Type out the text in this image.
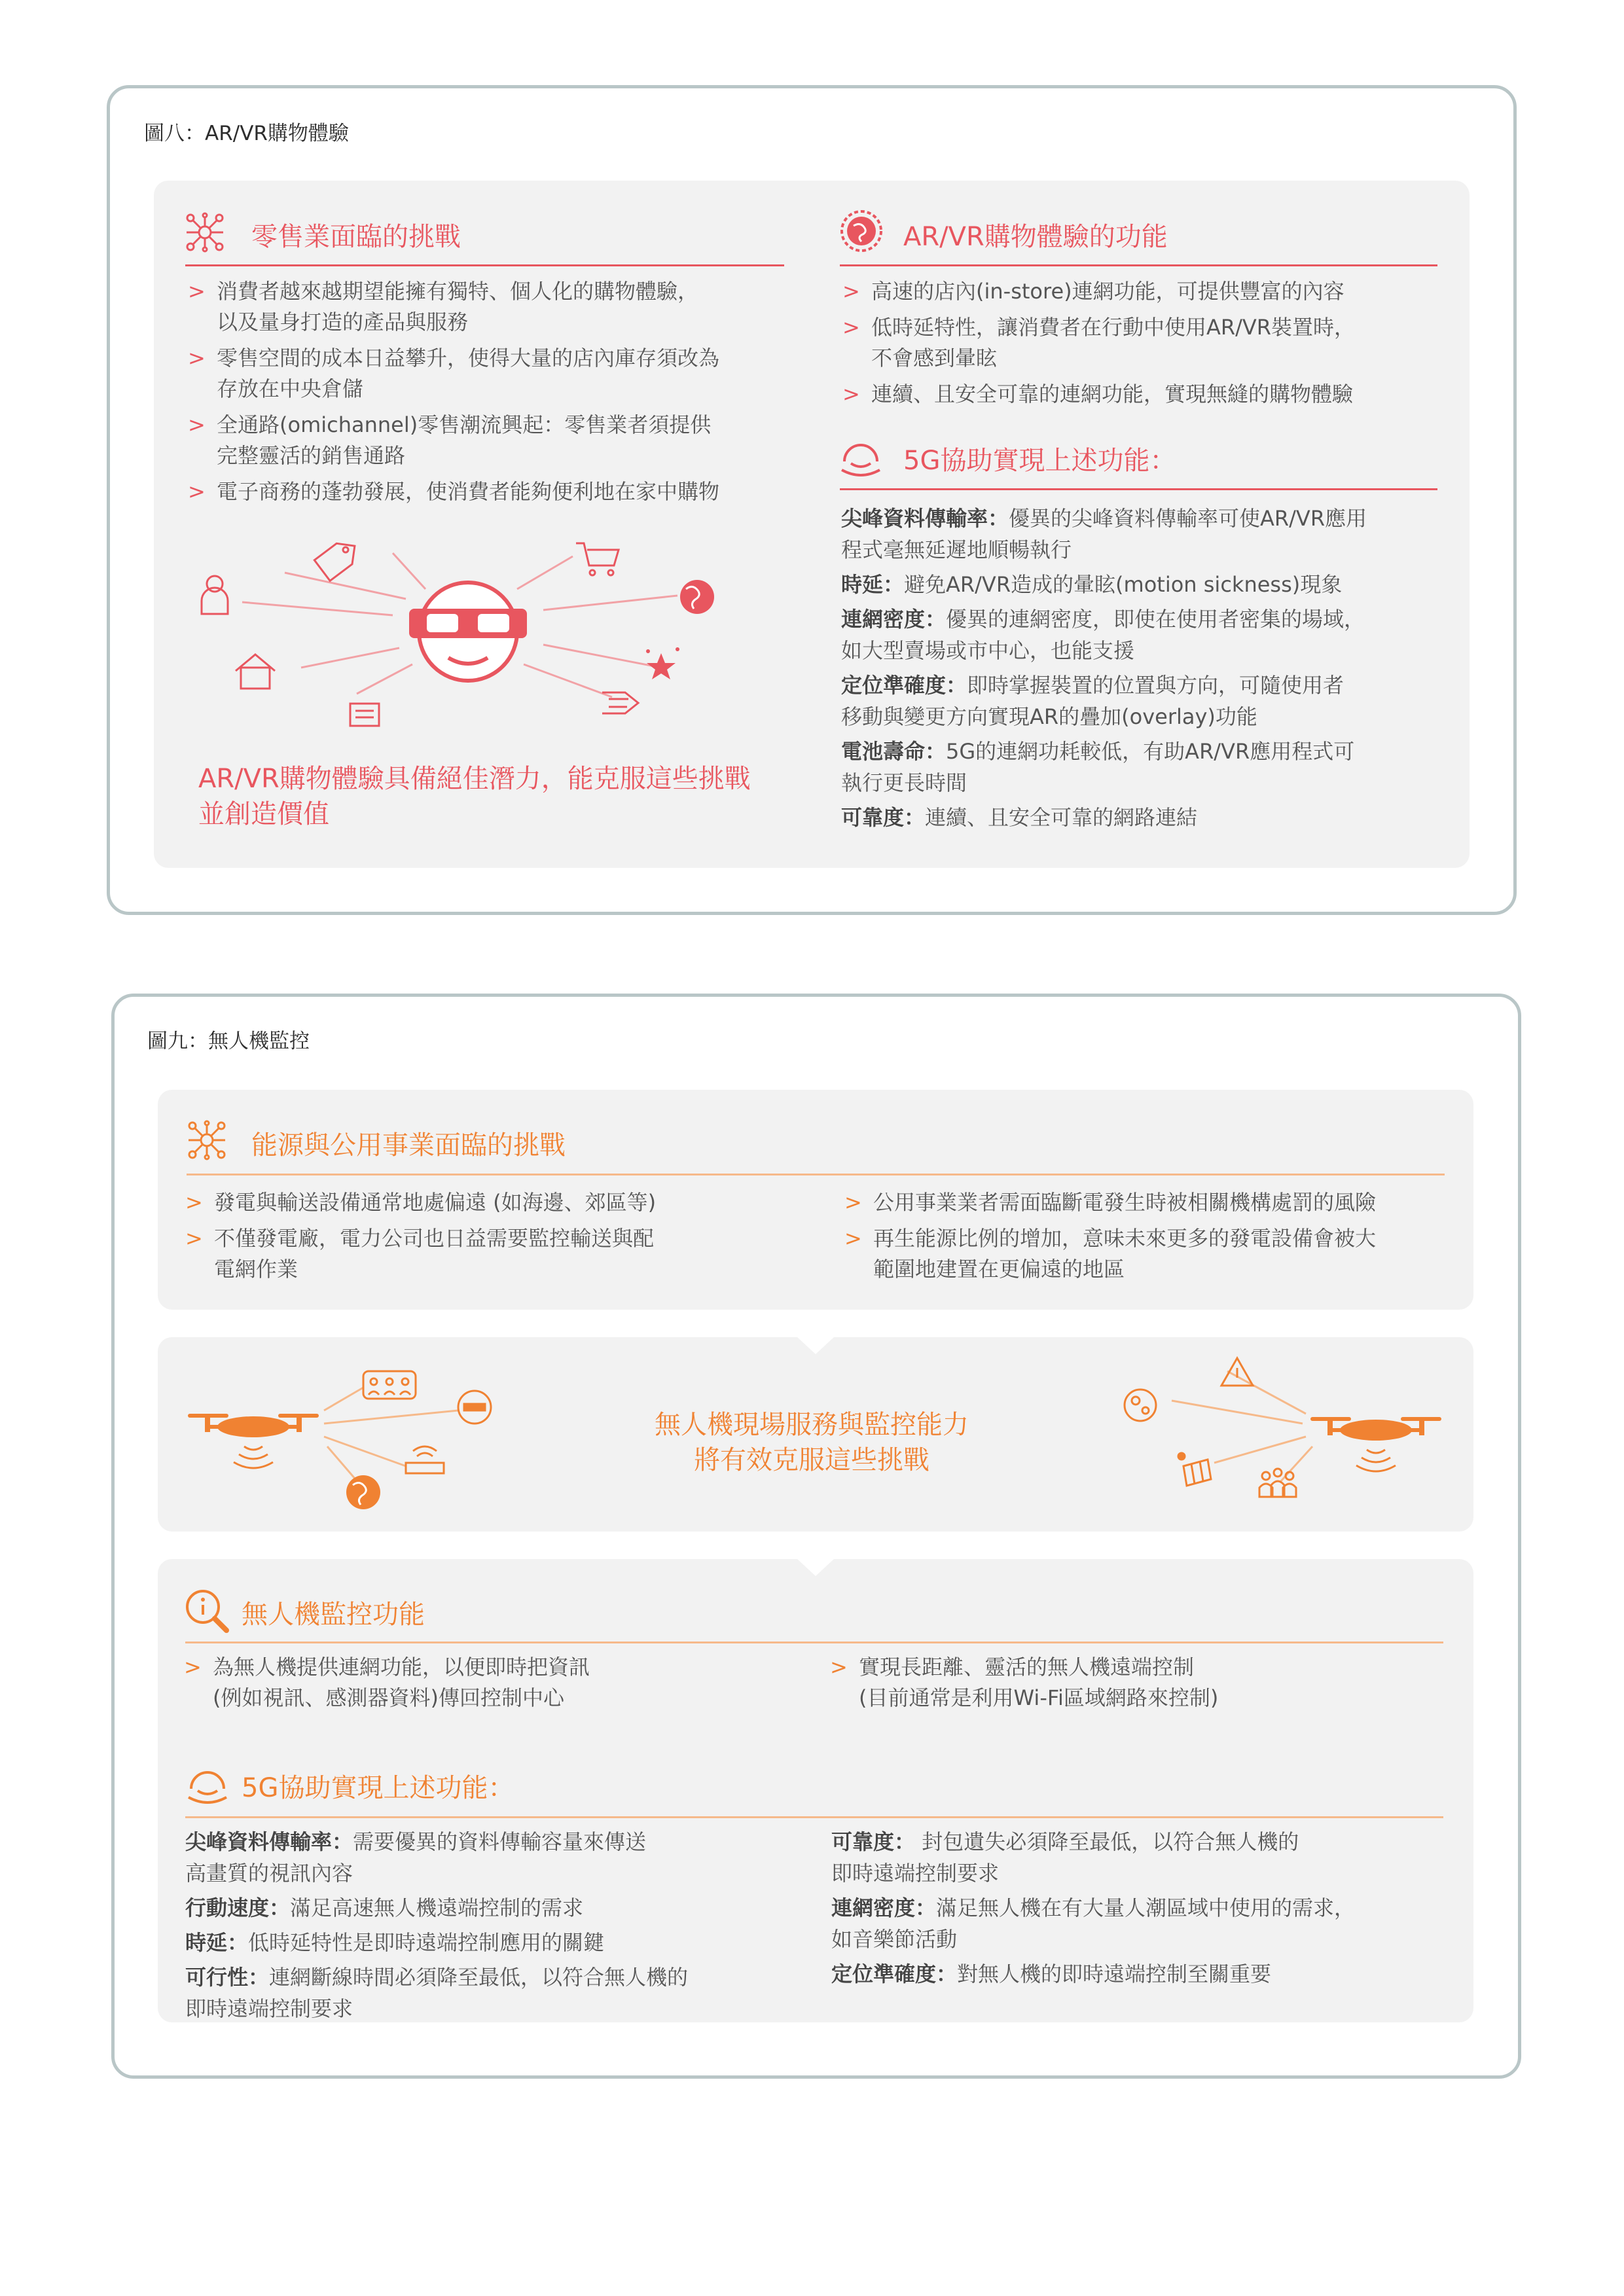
圖八：AR/VR購物體驗
零售業面臨的挑戰
> 消費者越來越期望能擁有獨特、個人化的購物體驗，
以及量身打造的產品與服務
> 零售空間的成本日益攀升，使得大量的店內庫存須改為
存放在中央倉儲
> 全通路(omichannel)零售潮流興起：零售業者須提供
完整靈活的銷售通路
> 電子商務的蓬勃發展，使消費者能夠便利地在家中購物
AR/VR購物體驗具備絕佳潛力，能克服這些挑戰
並創造價值
AR/VR購物體驗的功能
> 高速的店內(in-store)連網功能，可提供豐富的內容
> 低時延特性，讓消費者在行動中使用AR/VR裝置時，
不會感到暈眩
> 連續、且安全可靠的連網功能，實現無縫的購物體驗
5G協助實現上述功能：

尖峰資料傳輸率：優異的尖峰資料傳輸率可使AR/VR應用
程式毫無延遲地順暢執行

時延：避免AR/VR造成的暈眩(motion sickness)現象

連網密度：優異的連網密度，即使在使用者密集的場域，
如大型賣場或市中心，也能支援

定位準確度：即時掌握裝置的位置與方向，可隨使用者
移動與變更方向實現AR的疊加(overlay)功能

電池壽命：5G的連網功耗較低，有助AR/VR應用程式可
執行更長時間

可靠度：連續、且安全可靠的網路連結

圖九：無人機監控
能源與公用事業面臨的挑戰
> 發電與輸送設備通常地處偏遠 (如海邊、郊區等)
> 不僅發電廠，電力公司也日益需要監控輸送與配
電網作業
> 公用事業業者需面臨斷電發生時被相關機構處罰的風險
> 再生能源比例的增加，意味未來更多的發電設備會被大
範圍地建置在更偏遠的地區
無人機現場服務與監控能力
將有效克服這些挑戰
無人機監控功能
> 為無人機提供連網功能，以便即時把資訊
(例如視訊、感測器資料)傳回控制中心
> 實現長距離、靈活的無人機遠端控制
(目前通常是利用Wi-Fi區域網路來控制)
5G協助實現上述功能：

尖峰資料傳輸率：需要優異的資料傳輸容量來傳送
高畫質的視訊內容

行動速度：滿足高速無人機遠端控制的需求

時延：低時延特性是即時遠端控制應用的關鍵

可行性：連網斷線時間必須降至最低，以符合無人機的
即時遠端控制要求

可靠度： 封包遺失必須降至最低，以符合無人機的
即時遠端控制要求

連網密度：滿足無人機在有大量人潮區域中使用的需求，
如音樂節活動

定位準確度：對無人機的即時遠端控制至關重要
